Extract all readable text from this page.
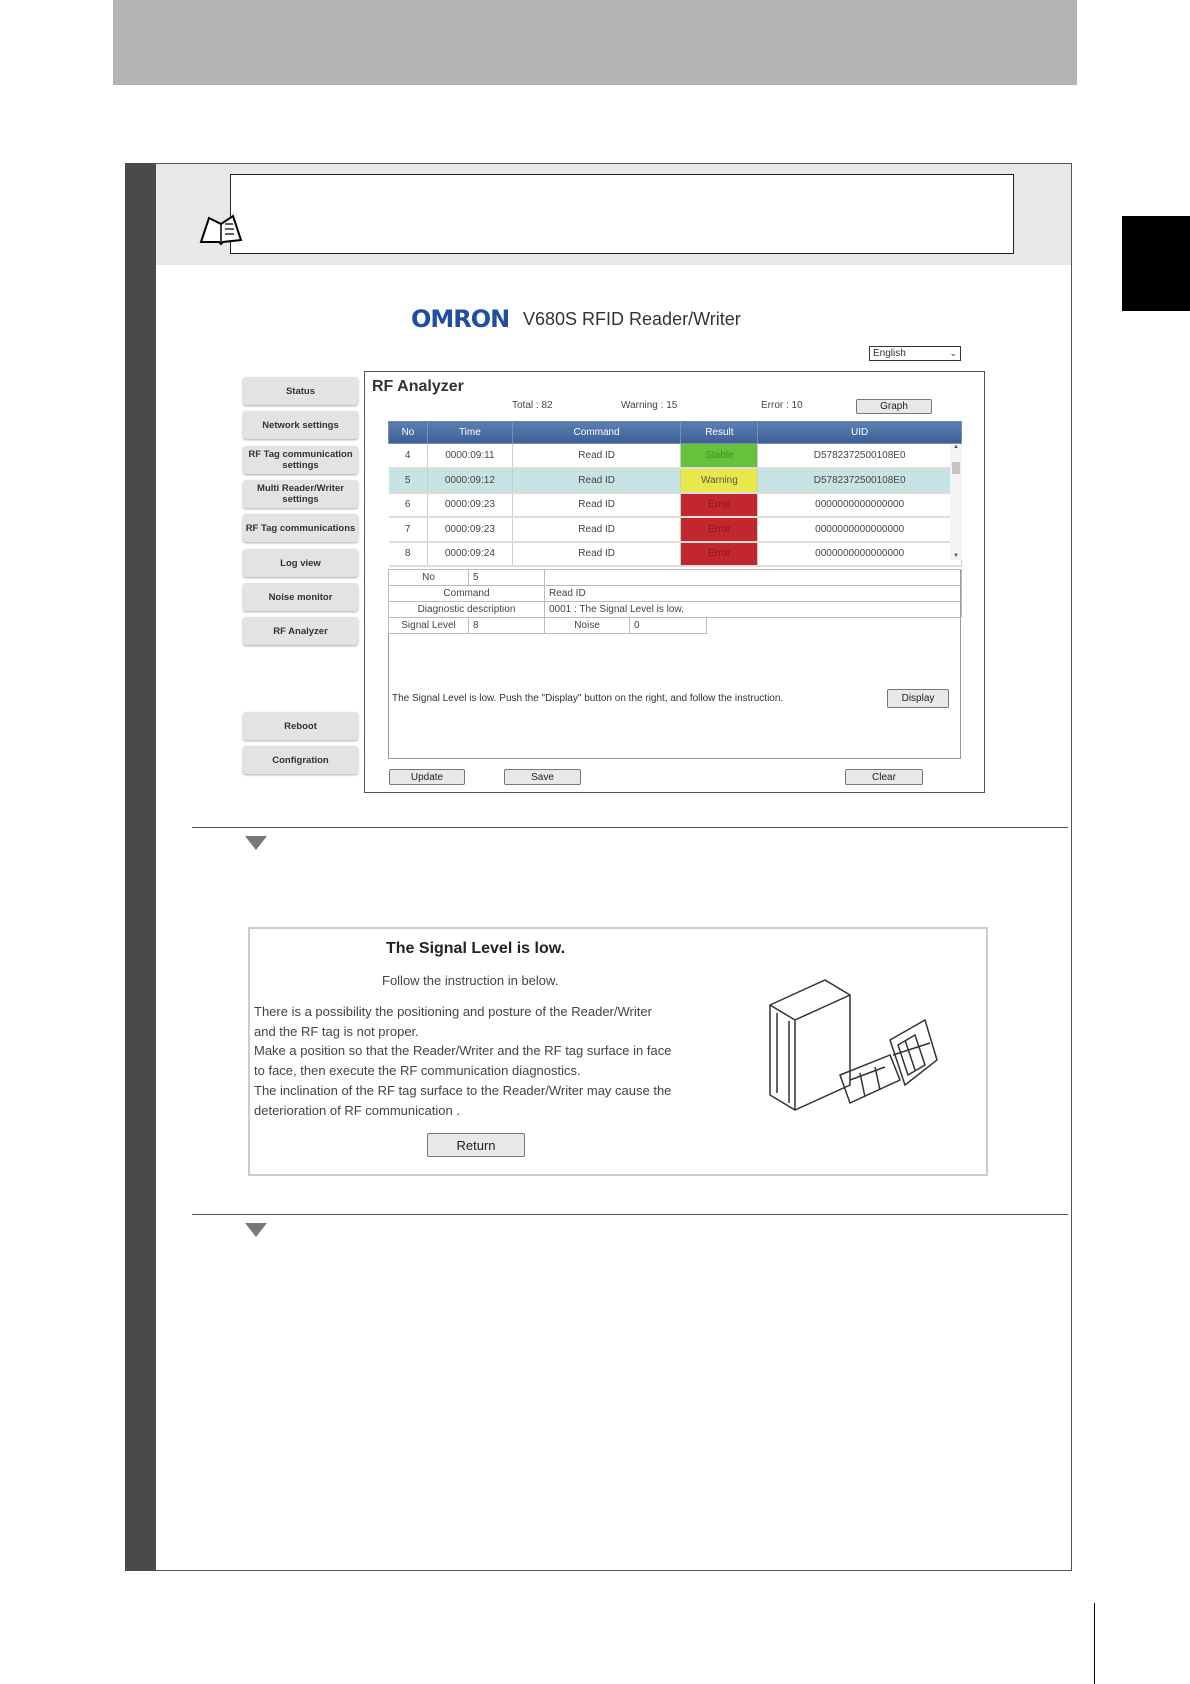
OMRON V680S RFID Reader/Writer
English	⌄
Status
Network settings
RF Tag communication settings
Multi Reader/Writer settings
RF Tag communications
Log view
Noise monitor
RF Analyzer
Reboot
Configration
RF Analyzer
Total : 82	Warning : 15	Error : 10	Graph
No	Time	Command	Result	UID
4	0000:09:11	Read ID	Stable	D5782372500108E0
5	0000:09:12	Read ID	Warning	D5782372500108E0
6	0000:09:23	Read ID	Error	0000000000000000
7	0000:09:23	Read ID	Error	0000000000000000
8	0000:09:24	Read ID	Error	0000000000000000
▲
▼
No	5			
Command		Read ID		
Diagnostic description		0001 : The Signal Level is low.		
Signal Level	8	Noise	0	
The Signal Level is low. Push the "Display" button on the right, and follow the instruction.	Display
Update	Save	Clear
The Signal Level is low.
Follow the instruction in below.
There is a possibility the positioning and posture of the Reader/Writer
and the RF tag is not proper.
Make a position so that the Reader/Writer and the RF tag surface in face
to face, then execute the RF communication diagnostics.
The inclination of the RF tag surface to the Reader/Writer may cause the
deterioration of RF communication .
Return
